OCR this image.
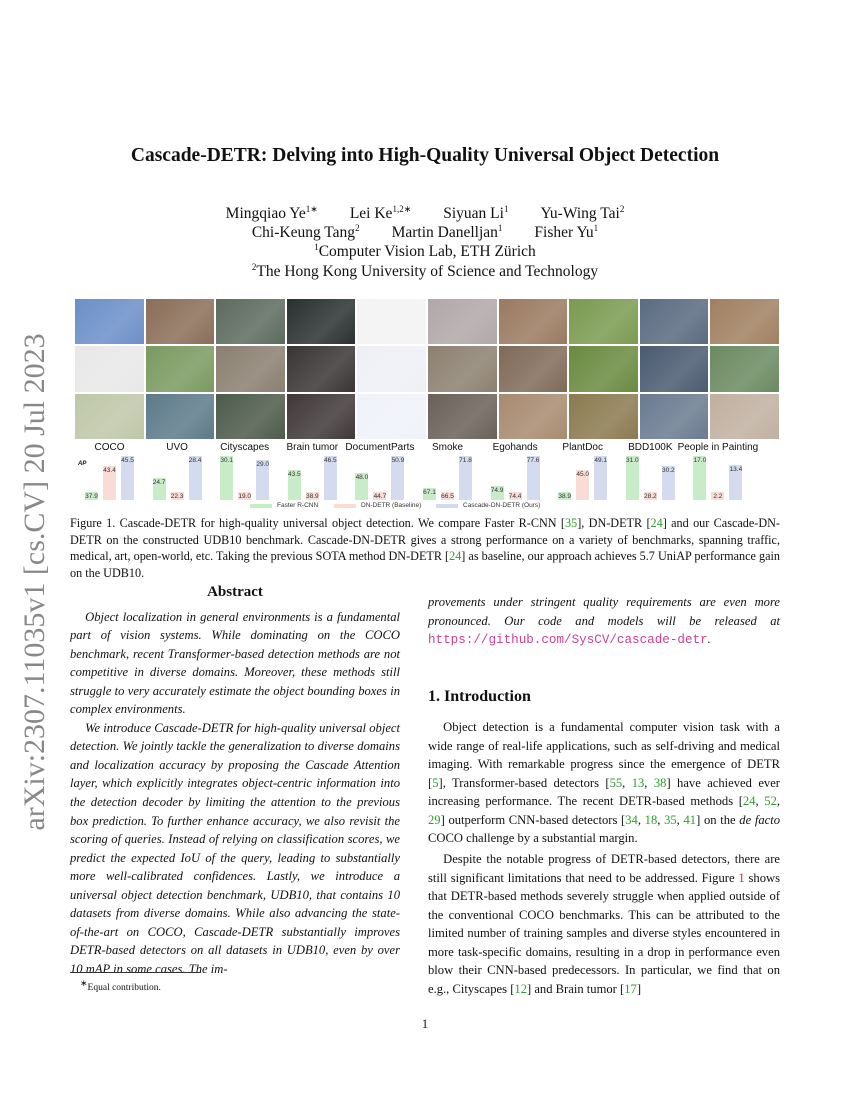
arXiv:2307.11035v1 [cs.CV] 20 Jul 2023
Cascade-DETR: Delving into High-Quality Universal Object Detection
Mingqiao $Ye^{1∗}$ Lei $Ke^{1,2∗}$ Siyuan Li$^1$ Yu-Wing Tai$^2$
Chi-Keung Tang$^2$ Martin Danelljan$^1$ Fisher Yu$^1$
$^1$Computer Vision Lab, ETH Zürich
$^2$The Hong Kong University of Science and Technology
AP
Faster R-CNN	DN-DETR (Baseline)	Cascade-DN-DETR (Ours)
Figure 1. Cascade-DETR for high-quality universal object detection. We compare Faster R-CNN [35], DN-DETR [24] and our Cascade-DN-DETR on the constructed UDB10 benchmark. Cascade-DN-DETR gives a strong performance on a variety of benchmarks, spanning traffic, medical, art, open-world, etc. Taking the previous SOTA method DN-DETR [24] as baseline, our approach achieves 5.7 UniAP performance gain on the UDB10.
Abstract

Object localization in general environments is a fundamental part of vision systems. While dominating on the COCO benchmark, recent Transformer-based detection methods are not competitive in diverse domains. Moreover, these methods still struggle to very accurately estimate the object bounding boxes in complex environments.

We introduce Cascade-DETR for high-quality universal object detection. We jointly tackle the generalization to diverse domains and localization accuracy by proposing the Cascade Attention layer, which explicitly integrates object-centric information into the detection decoder by limiting the attention to the previous box prediction. To further enhance accuracy, we also revisit the scoring of queries. Instead of relying on classification scores, we predict the expected IoU of the query, leading to substantially more well-calibrated confidences. Lastly, we introduce a universal object detection benchmark, UDB10, that contains 10 datasets from diverse domains. While also advancing the state-of-the-art on COCO, Cascade-DETR substantially improves DETR-based detectors on all datasets in UDB10, even by over 10 mAP in some cases. The im-

provements under stringent quality requirements are even more pronounced. Our code and models will be released at https://github.com/SysCV/cascade-detr.

1. Introduction

Object detection is a fundamental computer vision task with a wide range of real-life applications, such as self-driving and medical imaging. With remarkable progress since the emergence of DETR [5], Transformer-based detectors [55, 13, 38] have achieved ever increasing performance. The recent DETR-based methods [24, 52, 29] outperform CNN-based detectors [34, 18, 35, 41] on the de facto COCO challenge by a substantial margin.

Despite the notable progress of DETR-based detectors, there are still significant limitations that need to be addressed. Figure 1 shows that DETR-based methods severely struggle when applied outside of the conventional COCO benchmarks. This can be attributed to the limited number of training samples and diverse styles encountered in more task-specific domains, resulting in a drop in performance even blow their CNN-based predecessors. In particular, we find that on e.g., Cityscapes [12] and Brain tumor [17]

∗Equal contribution.
1
COCO
37.9
43.4
45.5
UVO
24.7
22.3
28.4
Cityscapes
30.1
19.0
29.0
Brain tumor
43.5
38.9
46.5
DocumentParts
48.0
44.7
50.9
Smoke
67.1
66.5
71.8
Egohands
74.9
74.4
77.6
PlantDoc
38.9
45.0
49.1
BDD100K
31.0
28.2
30.2
People in Painting
17.0
2.2
13.4
